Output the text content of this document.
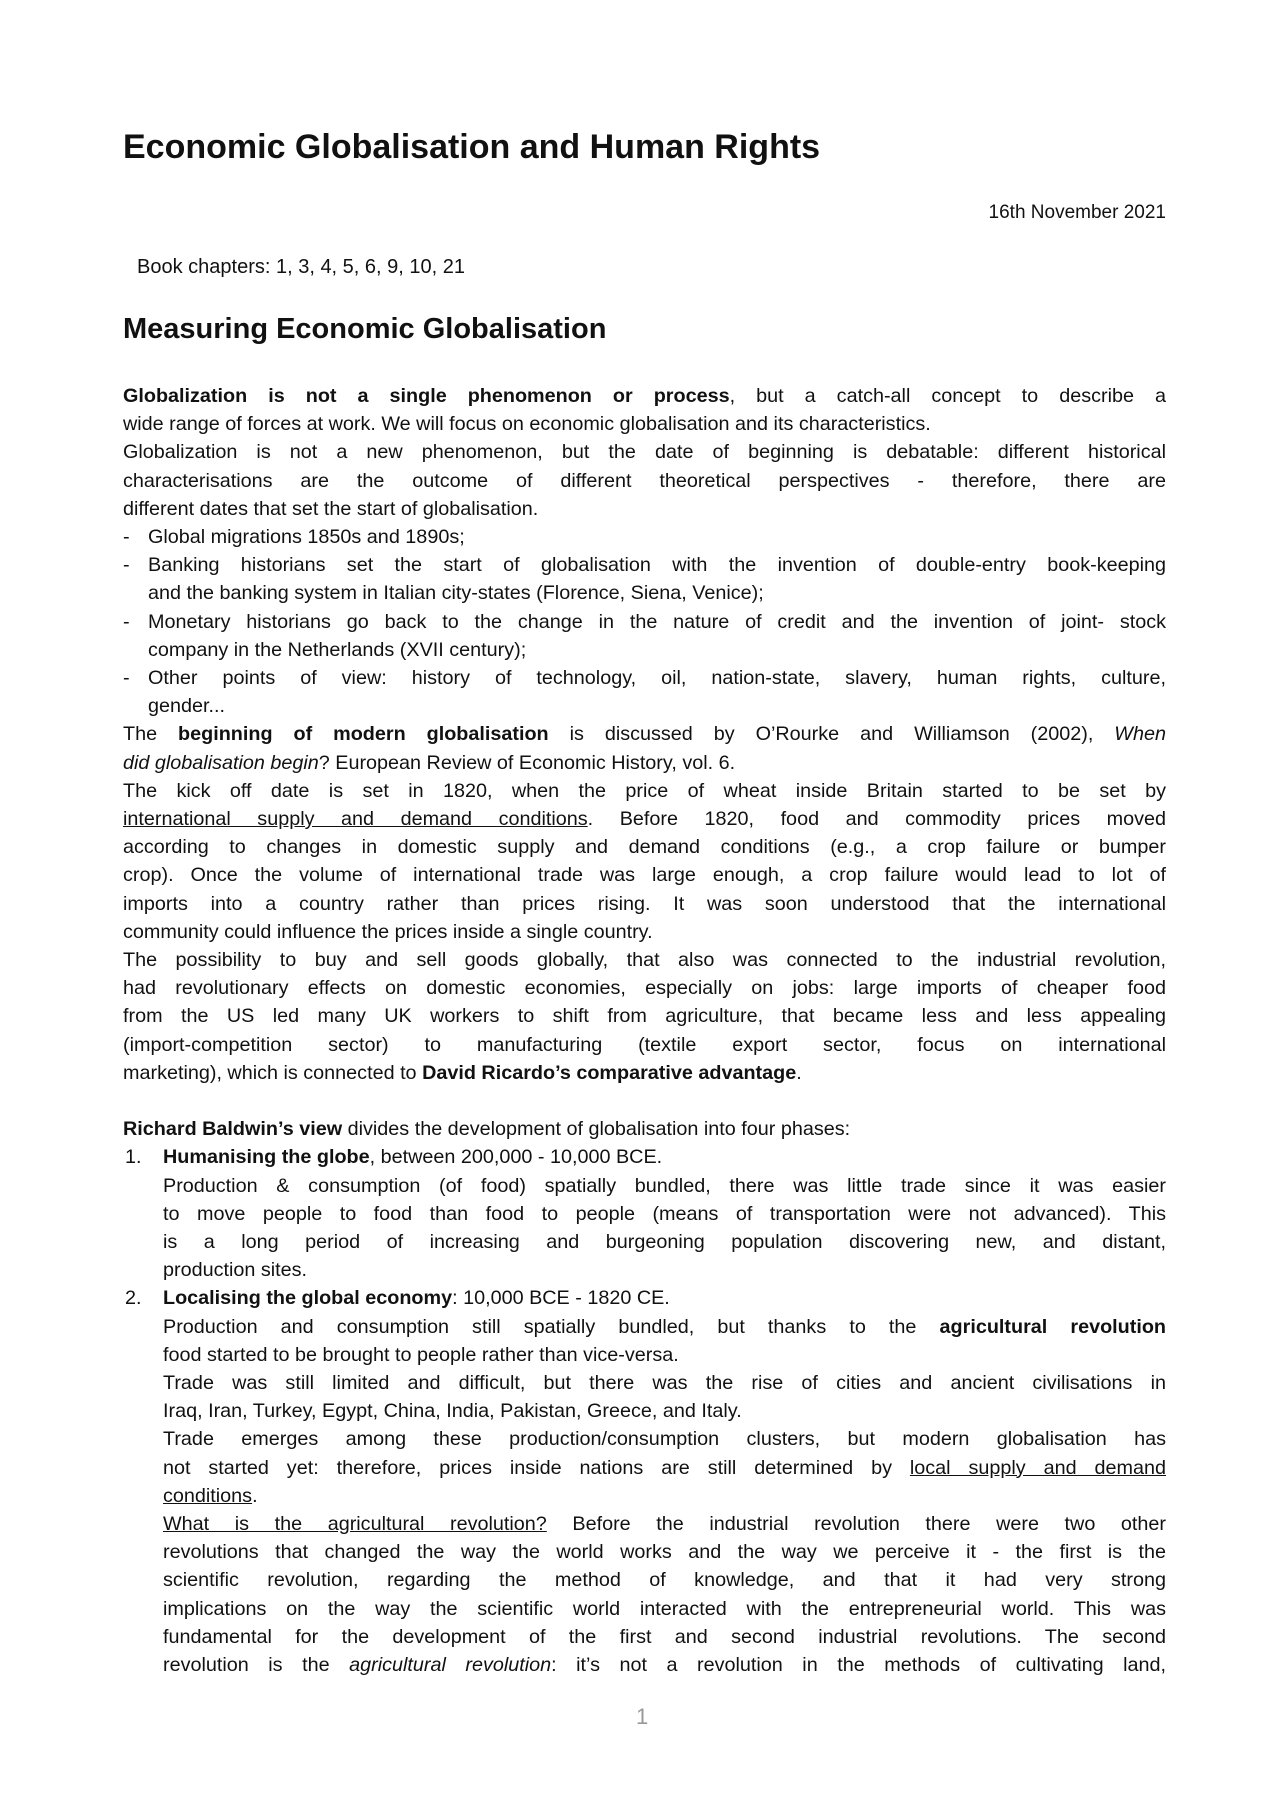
Economic Globalisation and Human Rights
16th November 2021
Book chapters: 1, 3, 4, 5, 6, 9, 10, 21
Measuring Economic Globalisation
Globalization is not a single phenomenon or process, but a catch-all concept to describe a
wide range of forces at work. We will focus on economic globalisation and its characteristics.
Globalization is not a new phenomenon, but the date of beginning is debatable: different historical
characterisations are the outcome of different theoretical perspectives - therefore, there are
different dates that set the start of globalisation.
- Global migrations 1850s and 1890s;
- Banking historians set the start of globalisation with the invention of double-entry book-keeping
and the banking system in Italian city-states (Florence, Siena, Venice);
- Monetary historians go back to the change in the nature of credit and the invention of joint- stock
company in the Netherlands (XVII century);
- Other points of view: history of technology, oil, nation-state, slavery, human rights, culture,
gender...
The beginning of modern globalisation is discussed by O’Rourke and Williamson (2002), When
did globalisation begin? European Review of Economic History, vol. 6.
The kick off date is set in 1820, when the price of wheat inside Britain started to be set by
international supply and demand conditions. Before 1820, food and commodity prices moved
according to changes in domestic supply and demand conditions (e.g., a crop failure or bumper
crop). Once the volume of international trade was large enough, a crop failure would lead to lot of
imports into a country rather than prices rising. It was soon understood that the international
community could influence the prices inside a single country.
The possibility to buy and sell goods globally, that also was connected to the industrial revolution,
had revolutionary effects on domestic economies, especially on jobs: large imports of cheaper food
from the US led many UK workers to shift from agriculture, that became less and less appealing
(import-competition sector) to manufacturing (textile export sector, focus on international
marketing), which is connected to David Ricardo’s comparative advantage.
Richard Baldwin’s view divides the development of globalisation into four phases:
1. Humanising the globe, between 200,000 - 10,000 BCE.
Production & consumption (of food) spatially bundled, there was little trade since it was easier
to move people to food than food to people (means of transportation were not advanced). This
is a long period of increasing and burgeoning population discovering new, and distant,
production sites.
2. Localising the global economy: 10,000 BCE - 1820 CE.
Production and consumption still spatially bundled, but thanks to the agricultural revolution
food started to be brought to people rather than vice-versa.
Trade was still limited and difficult, but there was the rise of cities and ancient civilisations in
Iraq, Iran, Turkey, Egypt, China, India, Pakistan, Greece, and Italy.
Trade emerges among these production/consumption clusters, but modern globalisation has
not started yet: therefore, prices inside nations are still determined by local supply and demand
conditions.
What is the agricultural revolution? Before the industrial revolution there were two other
revolutions that changed the way the world works and the way we perceive it - the first is the
scientific revolution, regarding the method of knowledge, and that it had very strong
implications on the way the scientific world interacted with the entrepreneurial world. This was
fundamental for the development of the first and second industrial revolutions. The second
revolution is the agricultural revolution: it’s not a revolution in the methods of cultivating land,
1
